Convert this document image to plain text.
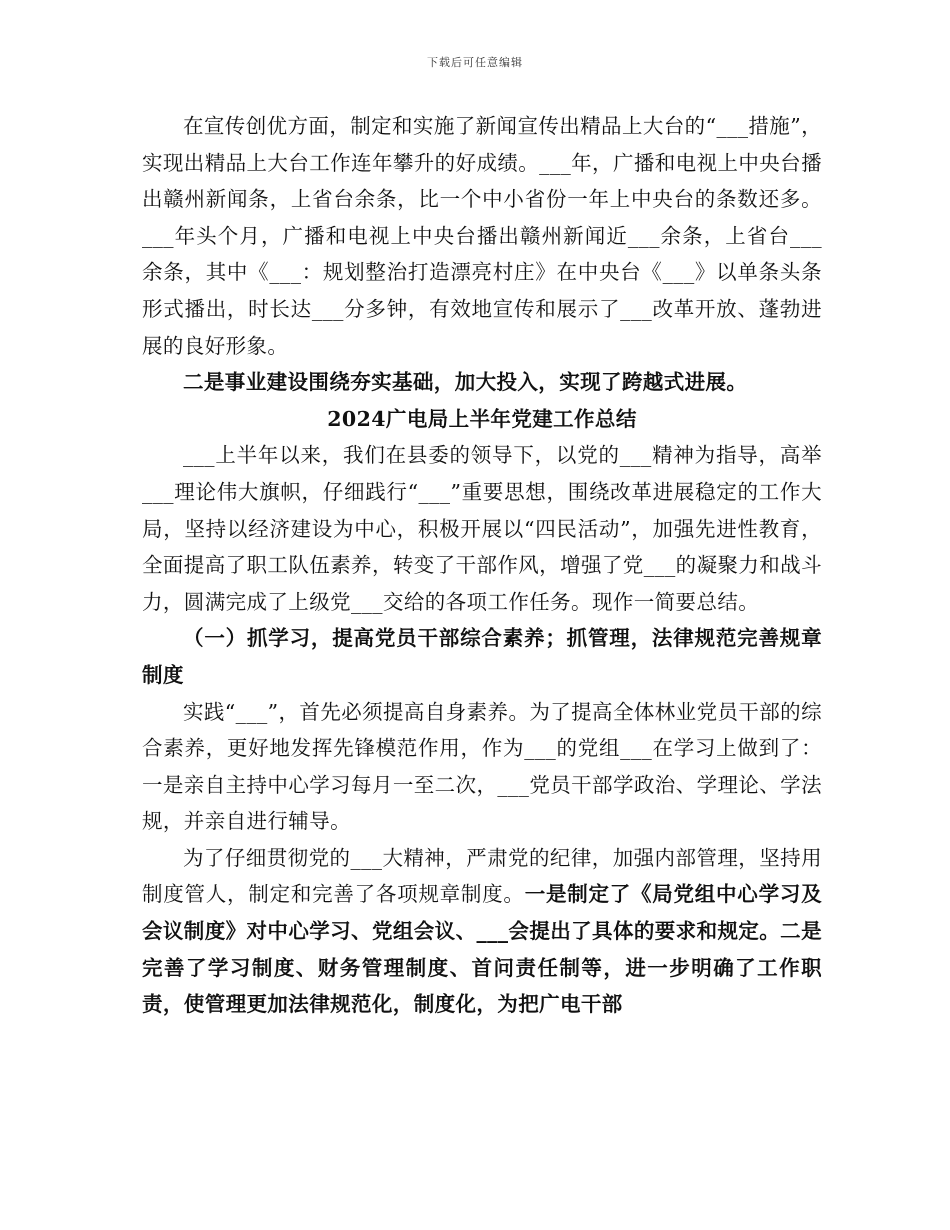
下载后可任意编辑

在宣传创优方面，制定和实施了新闻宣传出精品上大台的“___措施”，实现出精品上大台工作连年攀升的好成绩。___年，广播和电视上中央台播出赣州新闻条，上省台余条，比一个中小省份一年上中央台的条数还多。___年头个月，广播和电视上中央台播出赣州新闻近___余条，上省台___余条，其中《___：规划整治打造漂亮村庄》在中央台《___》以单条头条形式播出，时长达___分多钟，有效地宣传和展示了___改革开放、蓬勃进展的良好形象。

二是事业建设围绕夯实基础，加大投入，实现了跨越式进展。

2024广电局上半年党建工作总结

___上半年以来，我们在县委的领导下，以党的___精神为指导，高举___理论伟大旗帜，仔细践行“___”重要思想，围绕改革进展稳定的工作大局，坚持以经济建设为中心，积极开展以“四民活动”，加强先进性教育，全面提高了职工队伍素养，转变了干部作风，增强了党___的凝聚力和战斗力，圆满完成了上级党___交给的各项工作任务。现作一简要总结。

（一）抓学习，提高党员干部综合素养；抓管理，法律规范完善规章制度

实践“___”，首先必须提高自身素养。为了提高全体林业党员干部的综合素养，更好地发挥先锋模范作用，作为___的党组___在学习上做到了：一是亲自主持中心学习每月一至二次，___党员干部学政治、学理论、学法规，并亲自进行辅导。

为了仔细贯彻党的___大精神，严肃党的纪律，加强内部管理，坚持用制度管人，制定和完善了各项规章制度。一是制定了《局党组中心学习及会议制度》对中心学习、党组会议、___会提出了具体的要求和规定。二是完善了学习制度、财务管理制度、首问责任制等，进一步明确了工作职责，使管理更加法律规范化，制度化，为把广电干部
